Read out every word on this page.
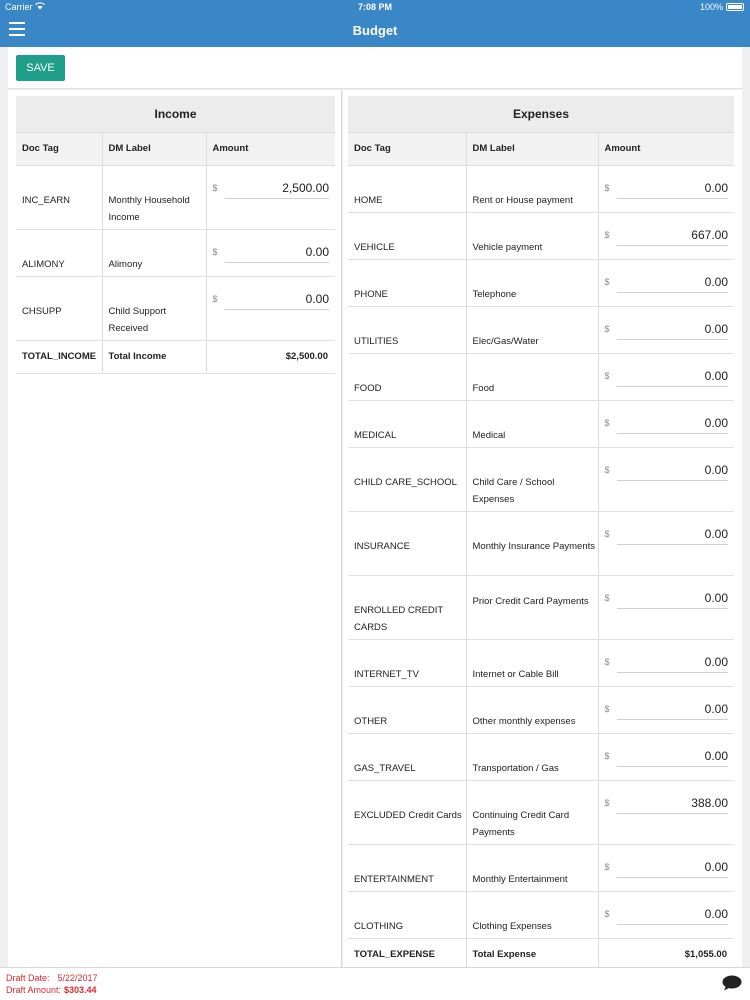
Carrier	7:08 PM	100%
Budget
SAVE
Income
Doc Tag	DM Label	Amount
INC_EARN	Monthly Household Income	$ 2,500.00

ALIMONY	Alimony	$ 0.00

CHSUPP	Child Support Received	$ 0.00

TOTAL_INCOME	Total Income	$2,500.00
Expenses
Doc Tag	DM Label	Amount
HOME	Rent or House payment	$ 0.00

VEHICLE	Vehicle payment	$ 667.00

PHONE	Telephone	$ 0.00

UTILITIES	Elec/Gas/Water	$ 0.00

FOOD	Food	$ 0.00

MEDICAL	Medical	$ 0.00

CHILD CARE_SCHOOL	Child Care / School Expenses	$ 0.00

INSURANCE	Monthly Insurance Payments	$ 0.00

ENROLLED CREDIT CARDS	Prior Credit Card Payments	$ 0.00

INTERNET_TV	Internet or Cable Bill	$ 0.00

OTHER	Other monthly expenses	$ 0.00

GAS_TRAVEL	Transportation / Gas	$ 0.00

EXCLUDED Credit Cards	Continuing Credit Card Payments	$ 388.00

ENTERTAINMENT	Monthly Entertainment	$ 0.00

CLOTHING	Clothing Expenses	$ 0.00

TOTAL_EXPENSE	Total Expense	$1,055.00
Draft Date: 5/22/2017
Draft Amount: $303.44
